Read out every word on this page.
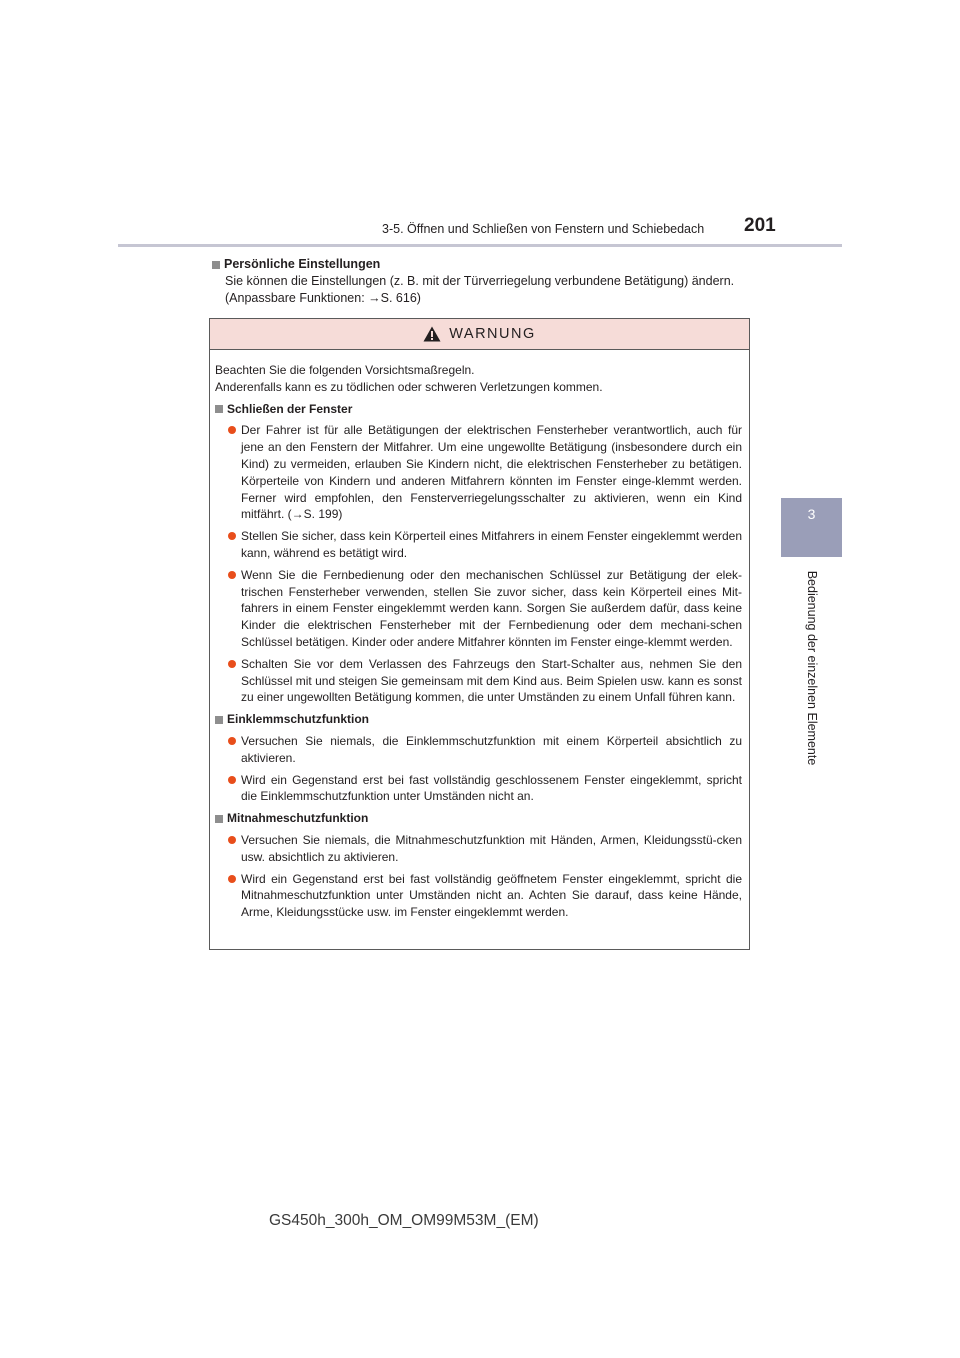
3-5. Öffnen und Schließen von Fenstern und Schiebedach 201
3
Bedienung der einzelnen Elemente
Persönliche Einstellungen
Sie können die Einstellungen (z. B. mit der Türverriegelung verbundene Betätigung) ändern.
(Anpassbare Funktionen: →S. 616)
WARNUNG

Beachten Sie die folgenden Vorsichtsmaßregeln.

Anderenfalls kann es zu tödlichen oder schweren Verletzungen kommen.

Schließen der Fenster
Der Fahrer ist für alle Betätigungen der elektrischen Fensterheber verantwortlich, auch für jene an den Fenstern der Mitfahrer. Um eine ungewollte Betätigung (insbesondere durch ein Kind) zu vermeiden, erlauben Sie Kindern nicht, die elektrischen Fensterheber zu betätigen. Körperteile von Kindern und anderen Mitfahrern könnten im Fenster einge-klemmt werden. Ferner wird empfohlen, den Fensterverriegelungsschalter zu aktivieren, wenn ein Kind mitfährt. (→S. 199)
Stellen Sie sicher, dass kein Körperteil eines Mitfahrers in einem Fenster eingeklemmt werden kann, während es betätigt wird.
Wenn Sie die Fernbedienung oder den mechanischen Schlüssel zur Betätigung der elek-trischen Fensterheber verwenden, stellen Sie zuvor sicher, dass kein Körperteil eines Mit-fahrers in einem Fenster eingeklemmt werden kann. Sorgen Sie außerdem dafür, dass keine Kinder die elektrischen Fensterheber mit der Fernbedienung oder dem mechani-schen Schlüssel betätigen. Kinder oder andere Mitfahrer könnten im Fenster einge-klemmt werden.
Schalten Sie vor dem Verlassen des Fahrzeugs den Start-Schalter aus, nehmen Sie den Schlüssel mit und steigen Sie gemeinsam mit dem Kind aus. Beim Spielen usw. kann es sonst zu einer ungewollten Betätigung kommen, die unter Umständen zu einem Unfall führen kann.
Einklemmschutzfunktion
Versuchen Sie niemals, die Einklemmschutzfunktion mit einem Körperteil absichtlich zu aktivieren.
Wird ein Gegenstand erst bei fast vollständig geschlossenem Fenster eingeklemmt, spricht die Einklemmschutzfunktion unter Umständen nicht an.
Mitnahmeschutzfunktion
Versuchen Sie niemals, die Mitnahmeschutzfunktion mit Händen, Armen, Kleidungsstü-cken usw. absichtlich zu aktivieren.
Wird ein Gegenstand erst bei fast vollständig geöffnetem Fenster eingeklemmt, spricht die Mitnahmeschutzfunktion unter Umständen nicht an. Achten Sie darauf, dass keine Hände, Arme, Kleidungsstücke usw. im Fenster eingeklemmt werden.
GS450h_300h_OM_OM99M53M_(EM)
